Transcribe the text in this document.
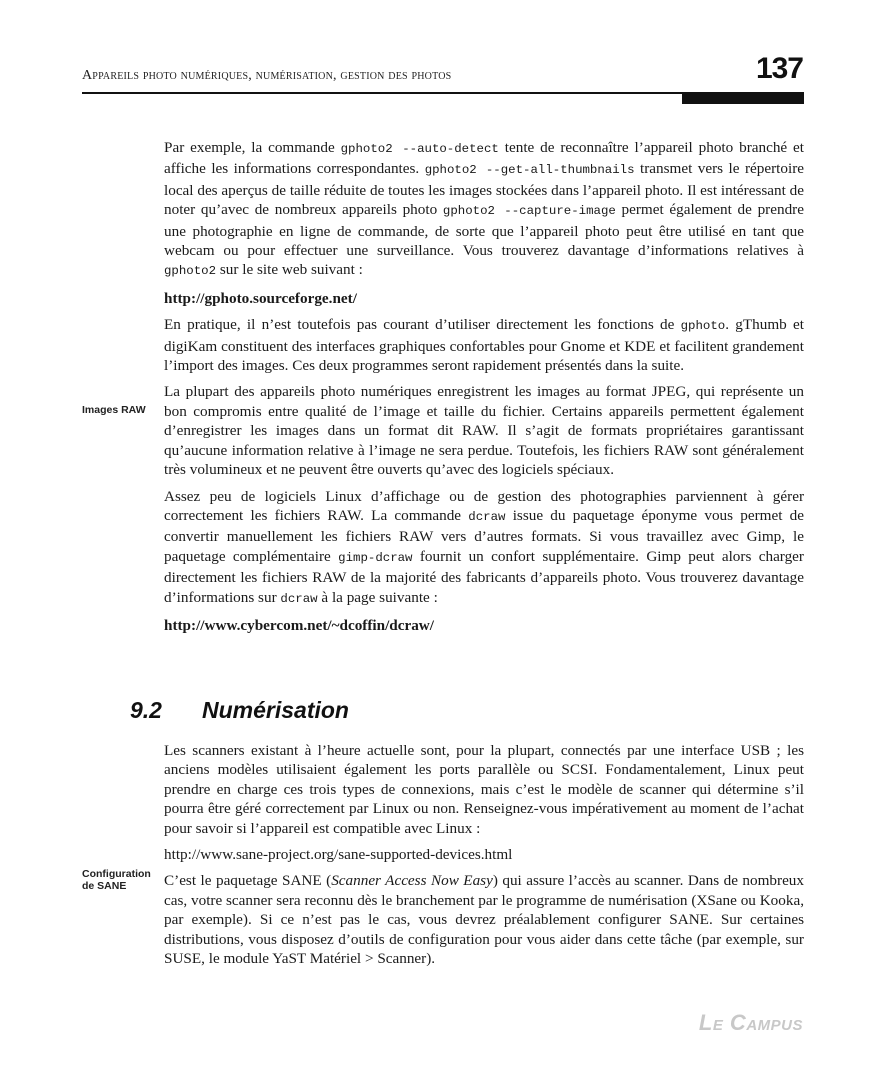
Appareils photo numériques, numérisation, gestion des photos	137
Images RAW

Par exemple, la commande gphoto2 --auto-detect tente de reconnaître l’appareil photo branché et affiche les informations correspondantes. gphoto2 --get-all-thumbnails transmet vers le répertoire local des aperçus de taille réduite de toutes les images stockées dans l’appareil photo. Il est intéressant de noter qu’avec de nombreux appareils photo gphoto2 --capture-image permet également de prendre une photographie en ligne de commande, de sorte que l’appareil photo peut être utilisé en tant que webcam ou pour effectuer une surveillance. Vous trouverez davantage d’informations relatives à gphoto2 sur le site web suivant :

http://gphoto.sourceforge.net/

En pratique, il n’est toutefois pas courant d’utiliser directement les fonctions de gphoto. gThumb et digiKam constituent des interfaces graphiques confortables pour Gnome et KDE et facilitent grandement l’import des images. Ces deux programmes seront rapidement présentés dans la suite.

La plupart des appareils photo numériques enregistrent les images au format JPEG, qui représente un bon compromis entre qualité de l’image et taille du fichier. Certains appareils permettent également d’enregistrer les images dans un format dit RAW. Il s’agit de formats propriétaires garantissant qu’aucune information relative à l’image ne sera perdue. Toutefois, les fichiers RAW sont généralement très volumineux et ne peuvent être ouverts qu’avec des logiciels spéciaux.

Assez peu de logiciels Linux d’affichage ou de gestion des photographies parviennent à gérer correctement les fichiers RAW. La commande dcraw issue du paquetage éponyme vous permet de convertir manuellement les fichiers RAW vers d’autres formats. Si vous travaillez avec Gimp, le paquetage complémentaire gimp-dcraw fournit un confort supplémentaire. Gimp peut alors charger directement les fichiers RAW de la majorité des fabricants d’appareils photo. Vous trouverez davantage d’informations sur dcraw à la page suivante :

http://www.cybercom.net/~dcoffin/dcraw/

9.2 Numérisation
Configuration
de SANE

Les scanners existant à l’heure actuelle sont, pour la plupart, connectés par une interface USB ; les anciens modèles utilisaient également les ports parallèle ou SCSI. Fondamentalement, Linux peut prendre en charge ces trois types de connexions, mais c’est le modèle de scanner qui détermine s’il pourra être géré correctement par Linux ou non. Renseignez-vous impérativement au moment de l’achat pour savoir si l’appareil est compatible avec Linux :

http://www.sane-project.org/sane-supported-devices.html

C’est le paquetage SANE (Scanner Access Now Easy) qui assure l’accès au scanner. Dans de nombreux cas, votre scanner sera reconnu dès le branchement par le programme de numérisation (XSane ou Kooka, par exemple). Si ce n’est pas le cas, vous devrez préalablement configurer SANE. Sur certaines distributions, vous disposez d’outils de configuration pour vous aider dans cette tâche (par exemple, sur SUSE, le module YaST Matériel > Scanner).

Le Campus
